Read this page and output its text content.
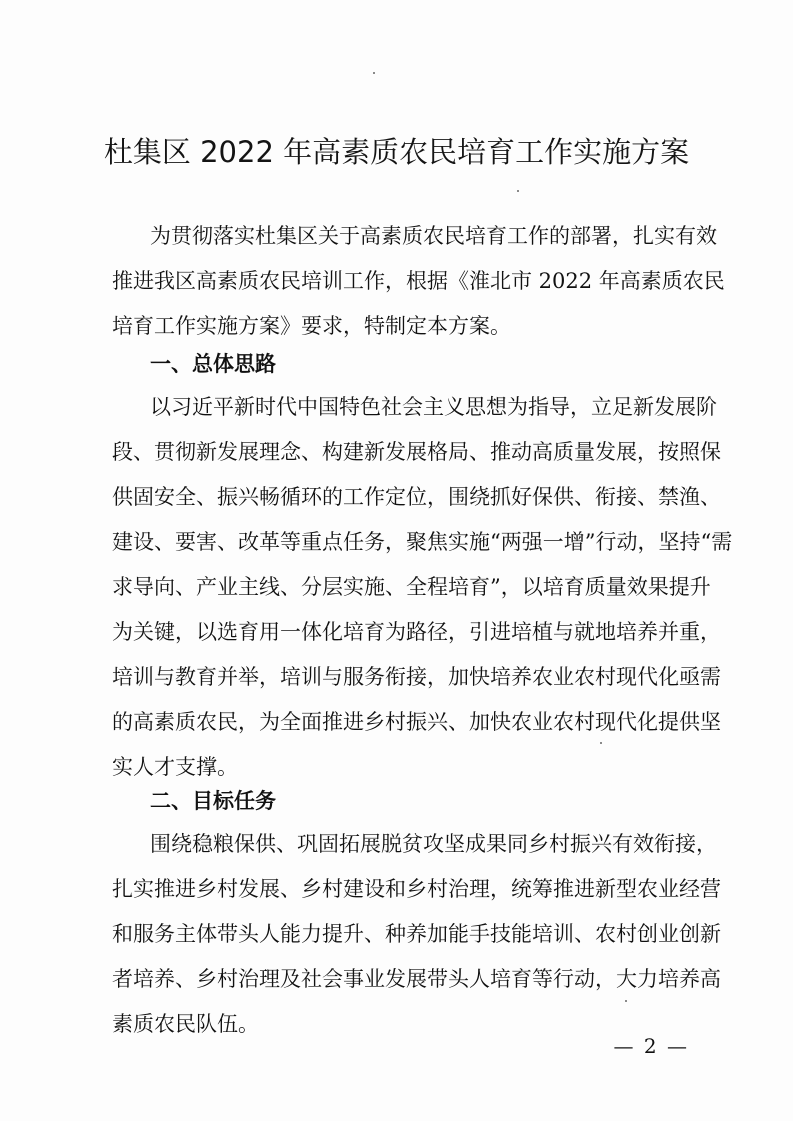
杜集区 2022 年高素质农民培育工作实施方案

为贯彻落实杜集区关于高素质农民培育工作的部署，扎实有效

推进我区高素质农民培训工作，根据《淮北市 2022 年高素质农民

培育工作实施方案》要求，特制定本方案。

一、总体思路

以习近平新时代中国特色社会主义思想为指导，立足新发展阶

段、贯彻新发展理念、构建新发展格局、推动高质量发展，按照保

供固安全、振兴畅循环的工作定位，围绕抓好保供、衔接、禁渔、

建设、要害、改革等重点任务，聚焦实施“两强一增”行动，坚持“需

求导向、产业主线、分层实施、全程培育”，以培育质量效果提升

为关键，以选育用一体化培育为路径，引进培植与就地培养并重，

培训与教育并举，培训与服务衔接，加快培养农业农村现代化亟需

的高素质农民，为全面推进乡村振兴、加快农业农村现代化提供坚

实人才支撑。

二、目标任务

围绕稳粮保供、巩固拓展脱贫攻坚成果同乡村振兴有效衔接，

扎实推进乡村发展、乡村建设和乡村治理，统筹推进新型农业经营

和服务主体带头人能力提升、种养加能手技能培训、农村创业创新

者培养、乡村治理及社会事业发展带头人培育等行动，大力培养高

素质农民队伍。

— 2 —
